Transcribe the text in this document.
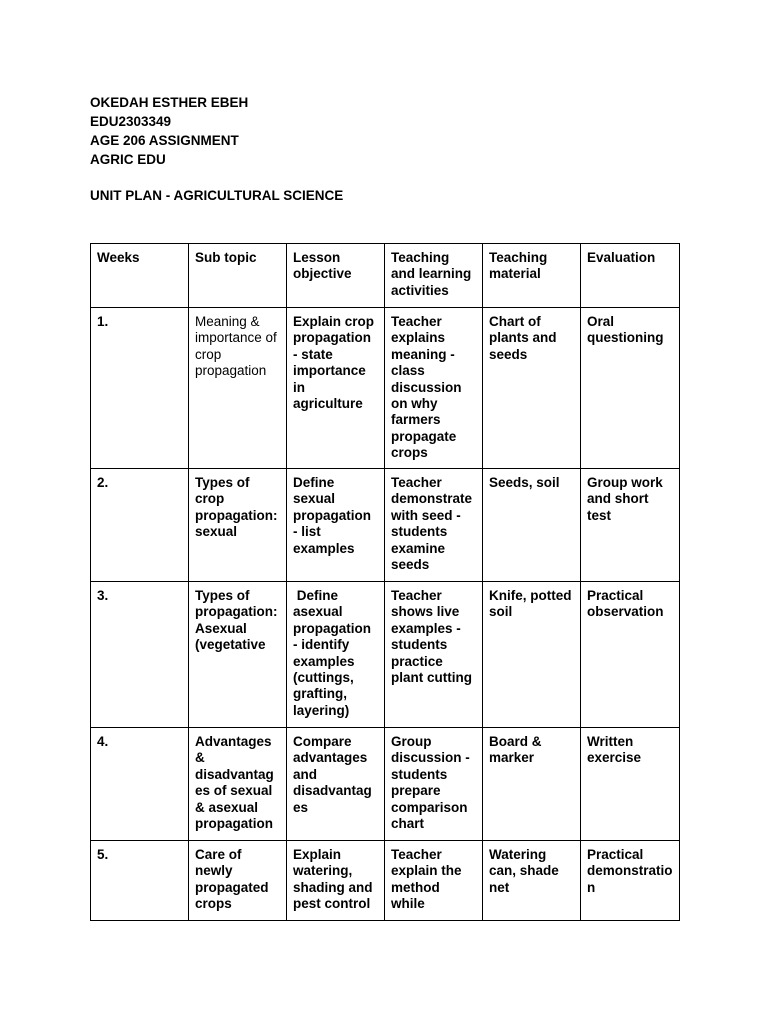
OKEDAH ESTHER EBEH
EDU2303349
AGE 206 ASSIGNMENT
AGRIC EDU
UNIT PLAN - AGRICULTURAL SCIENCE
Weeks	Sub topic	Lesson objective	Teaching and learning activities	Teaching material	Evaluation
1.	Meaning & importance of crop propagation	Explain crop propagation - state importance in agriculture	Teacher explains meaning - class discussion on why farmers propagate crops	Chart of plants and seeds	Oral questioning
2.	Types of crop propagation: sexual	Define sexual propagation - list examples	Teacher demonstrate with seed - students examine seeds	Seeds, soil	Group work and short test
3.	Types of propagation: Asexual (vegetative	Define asexual propagation - identify examples (cuttings, grafting, layering)	Teacher shows live examples - students practice plant cutting	Knife, potted soil	Practical observation
4.	Advantages & disadvantages of sexual & asexual propagation	Compare advantages and disadvantages	Group discussion - students prepare comparison chart	Board & marker	Written exercise
5.	Care of newly propagated crops	Explain watering, shading and pest control	Teacher explain the method while	Watering can, shade net	Practical demonstration
